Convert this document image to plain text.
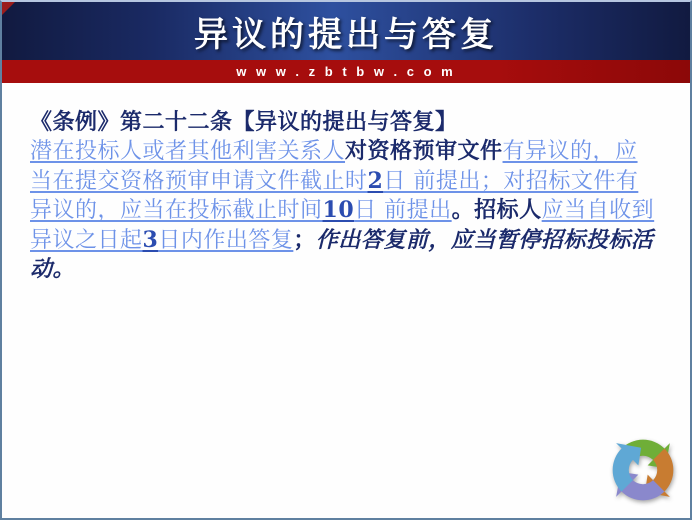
异议的提出与答复
w w w . z b t b w . c o m
《条例》第二十二条【异议的提出与答复】
潜在投标人或者其他利害关系人对资格预审文件有异议的，应
当在提交资格预审申请文件截止时2日 前提出；对招标文件有
异议的，应当在投标截止时间10日 前提出。招标人应当自收到
异议之日起3日内作出答复；作出答复前，应当暂停招标投标活
动。
